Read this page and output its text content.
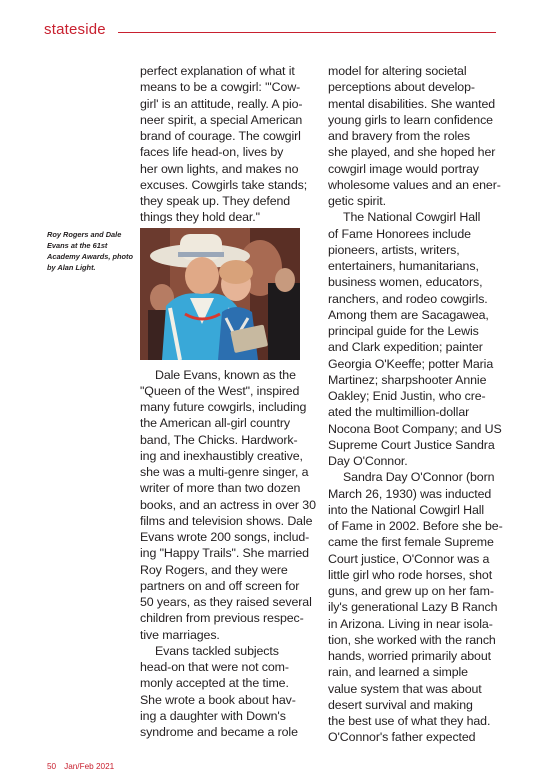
stateside
Roy Rogers and Dale
Evans at the 61st
Academy Awards, photo
by Alan Light.

perfect explanation of what it
means to be a cowgirl: "'Cow-
girl' is an attitude, really. A pio-
neer spirit, a special American
brand of courage. The cowgirl
faces life head-on, lives by
her own lights, and makes no
excuses. Cowgirls take stands;
they speak up. They defend
things they hold dear."

Dale Evans, known as the
"Queen of the West", inspired
many future cowgirls, including
the American all-girl country
band, The Chicks. Hardwork-
ing and inexhaustibly creative,
she was a multi-genre singer, a
writer of more than two dozen
books, and an actress in over 30
films and television shows. Dale
Evans wrote 200 songs, includ-
ing "Happy Trails". She married
Roy Rogers, and they were
partners on and off screen for
50 years, as they raised several
children from previous respec-
tive marriages.

Evans tackled subjects
head-on that were not com-
monly accepted at the time.
She wrote a book about hav-
ing a daughter with Down's
syndrome and became a role

model for altering societal
perceptions about develop-
mental disabilities. She wanted
young girls to learn confidence
and bravery from the roles
she played, and she hoped her
cowgirl image would portray
wholesome values and an ener-
getic spirit.

The National Cowgirl Hall
of Fame Honorees include
pioneers, artists, writers,
entertainers, humanitarians,
business women, educators,
ranchers, and rodeo cowgirls.
Among them are Sacagawea,
principal guide for the Lewis
and Clark expedition; painter
Georgia O'Keeffe; potter Maria
Martinez; sharpshooter Annie
Oakley; Enid Justin, who cre-
ated the multimillion-dollar
Nocona Boot Company; and US
Supreme Court Justice Sandra
Day O'Connor.

Sandra Day O'Connor (born
March 26, 1930) was inducted
into the National Cowgirl Hall
of Fame in 2002. Before she be-
came the first female Supreme
Court justice, O'Connor was a
little girl who rode horses, shot
guns, and grew up on her fam-
ily's generational Lazy B Ranch
in Arizona. Living in near isola-
tion, she worked with the ranch
hands, worried primarily about
rain, and learned a simple
value system that was about
desert survival and making
the best use of what they had.
O'Connor's father expected

50 Jan/Feb 2021
